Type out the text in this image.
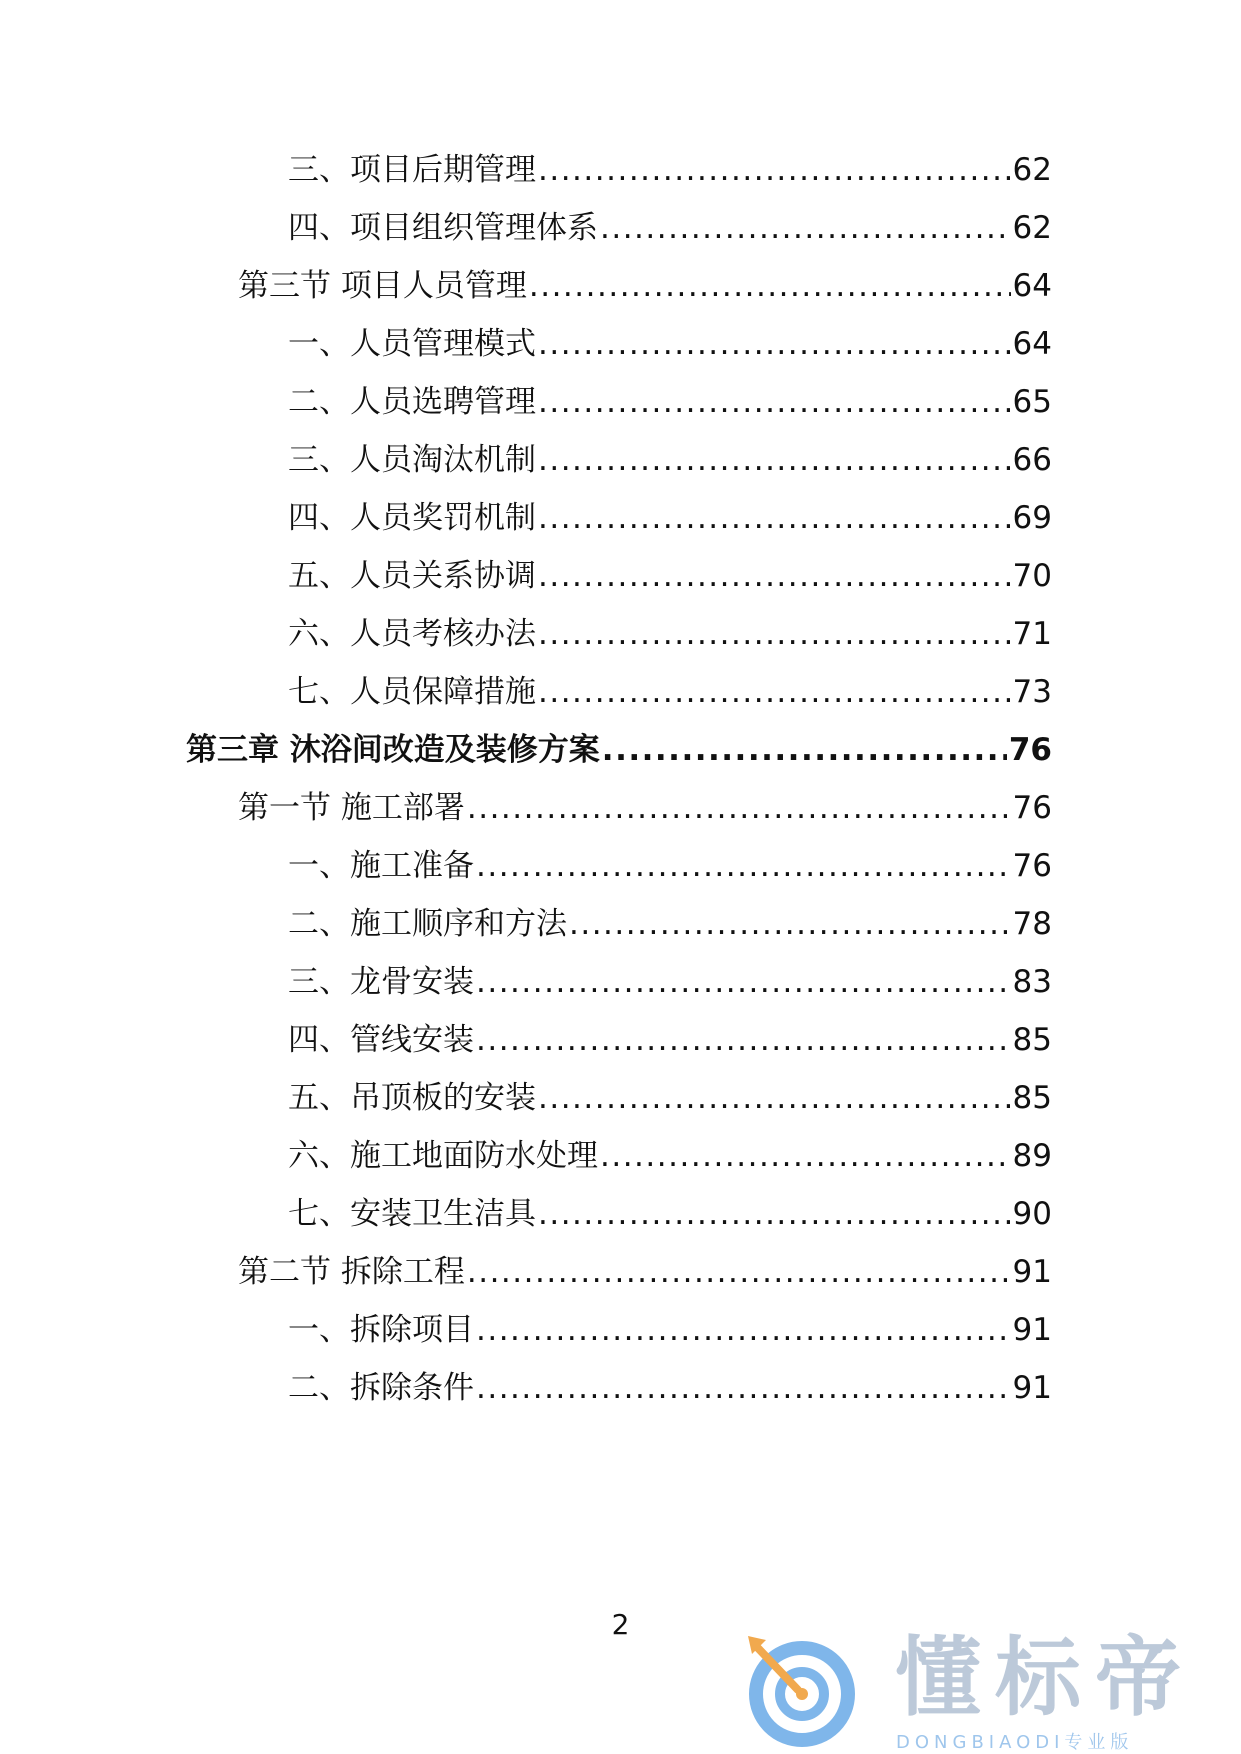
三、项目后期管理 .....	62
四、项目组织管理体系 .....	62
第三节 项目人员管理 .....	64
一、人员管理模式 .....	64
二、人员选聘管理 .....	65
三、人员淘汰机制 .....	66
四、人员奖罚机制 .....	69
五、人员关系协调 .....	70
六、人员考核办法 .....	71
七、人员保障措施 .....	73
第三章 沐浴间改造及装修方案 .....	76
第一节 施工部署 .....	76
一、施工准备 .....	76
二、施工顺序和方法 .....	78
三、龙骨安装 .....	83
四、管线安装 .....	85
五、吊顶板的安装 .....	85
六、施工地面防水处理 .....	89
七、安装卫生洁具 .....	90
第二节 拆除工程 .....	91
一、拆除项目 .....	91
二、拆除条件 .....	91
2
懂标帝
DONGBIAODI专业版
